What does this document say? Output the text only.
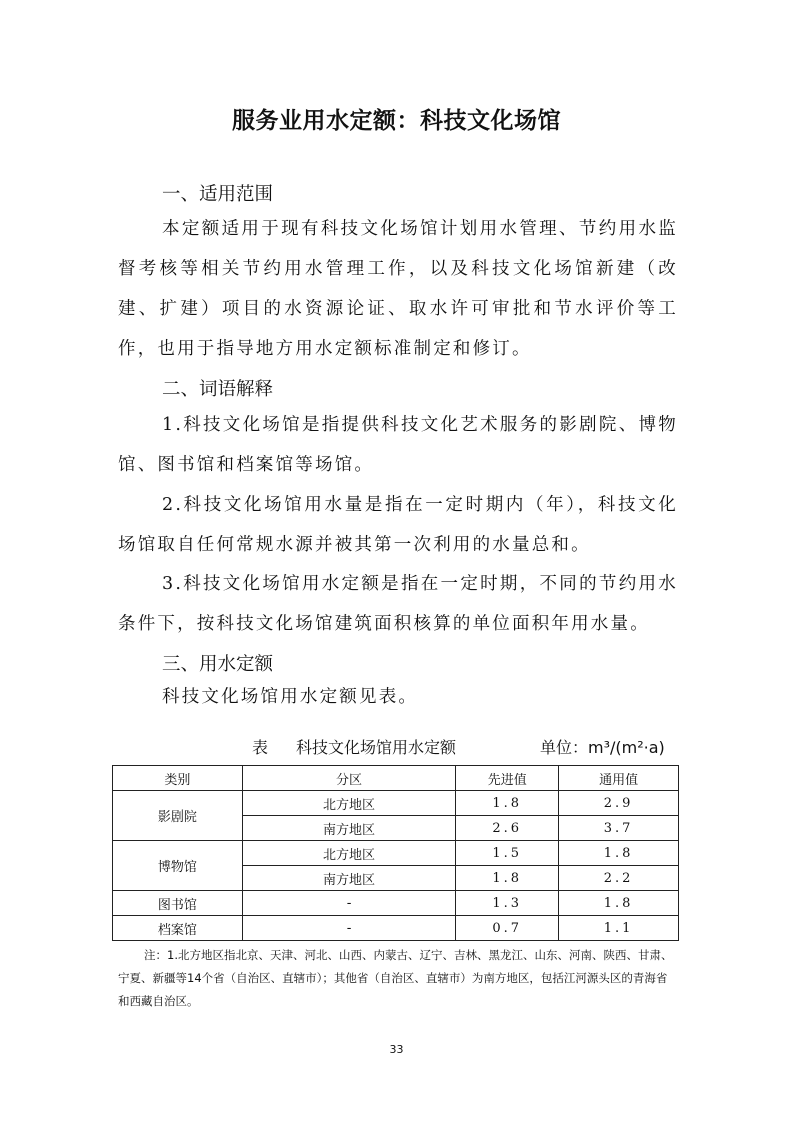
服务业用水定额：科技文化场馆
一、适用范围
本定额适用于现有科技文化场馆计划用水管理、节约用水监督考核等相关节约用水管理工作，以及科技文化场馆新建（改建、扩建）项目的水资源论证、取水许可审批和节水评价等工作，也用于指导地方用水定额标准制定和修订。
二、词语解释
1.科技文化场馆是指提供科技文化艺术服务的影剧院、博物馆、图书馆和档案馆等场馆。
2.科技文化场馆用水量是指在一定时期内（年），科技文化场馆取自任何常规水源并被其第一次利用的水量总和。
3.科技文化场馆用水定额是指在一定时期，不同的节约用水条件下，按科技文化场馆建筑面积核算的单位面积年用水量。
三、用水定额
科技文化场馆用水定额见表。
表 科技文化场馆用水定额	单位：m³/(m²·a)
类别	分区	先进值	通用值
影剧院	北方地区	1.8	2.9
	南方地区	2.6	3.7
博物馆	北方地区	1.5	1.8
	南方地区	1.8	2.2
图书馆	-	1.3	1.8
档案馆	-	0.7	1.1
注：1.北方地区指北京、天津、河北、山西、内蒙古、辽宁、吉林、黑龙江、山东、河南、陕西、甘肃、宁夏、新疆等14个省（自治区、直辖市）；其他省（自治区、直辖市）为南方地区，包括江河源头区的青海省和西藏自治区。
33
